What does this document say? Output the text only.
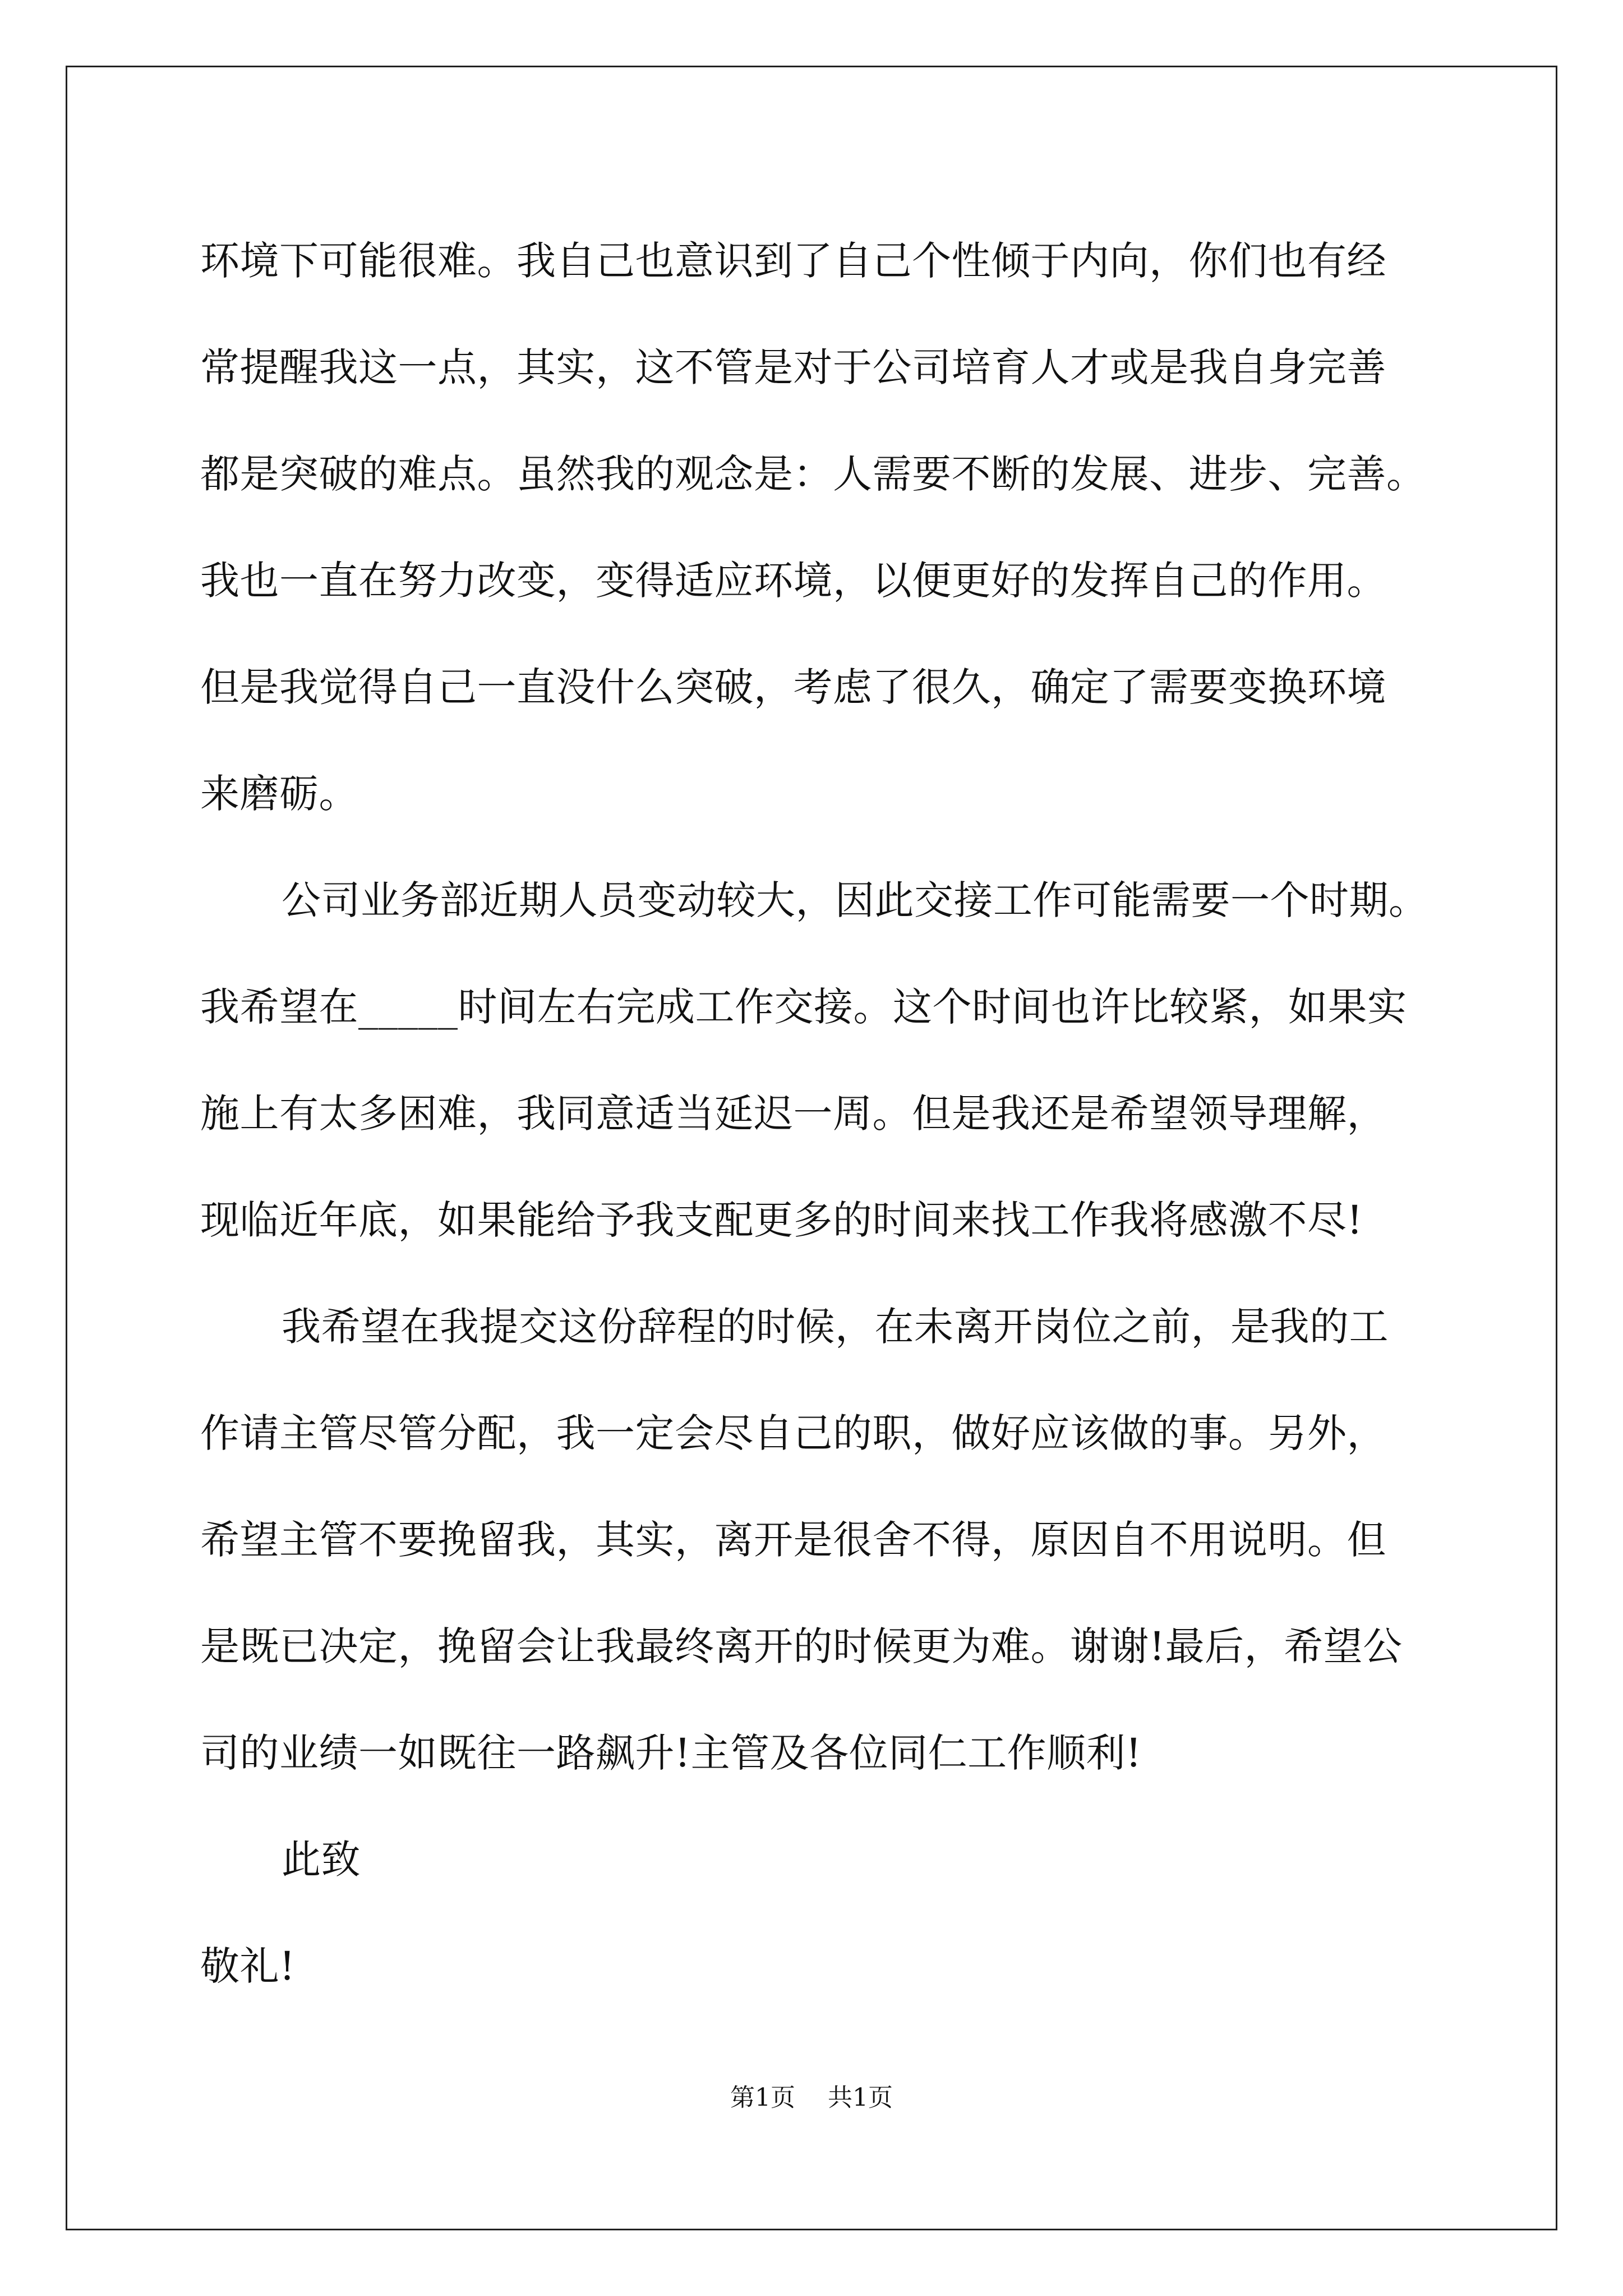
环境下可能很难。我自己也意识到了自己个性倾于内向，你们也有经
常提醒我这一点，其实，这不管是对于公司培育人才或是我自身完善
都是突破的难点。虽然我的观念是：人需要不断的发展、进步、完善。
我也一直在努力改变，变得适应环境，以便更好的发挥自己的作用。
但是我觉得自己一直没什么突破，考虑了很久，确定了需要变换环境
来磨砺。
公司业务部近期人员变动较大，因此交接工作可能需要一个时期。
我希望在_____时间左右完成工作交接。这个时间也许比较紧，如果实
施上有太多困难，我同意适当延迟一周。但是我还是希望领导理解，
现临近年底，如果能给予我支配更多的时间来找工作我将感激不尽!
我希望在我提交这份辞程的时候，在未离开岗位之前，是我的工
作请主管尽管分配，我一定会尽自己的职，做好应该做的事。另外，
希望主管不要挽留我，其实，离开是很舍不得，原因自不用说明。但
是既已决定，挽留会让我最终离开的时候更为难。谢谢!最后，希望公
司的业绩一如既往一路飙升!主管及各位同仁工作顺利!
此致
敬礼!
第1页 共1页
